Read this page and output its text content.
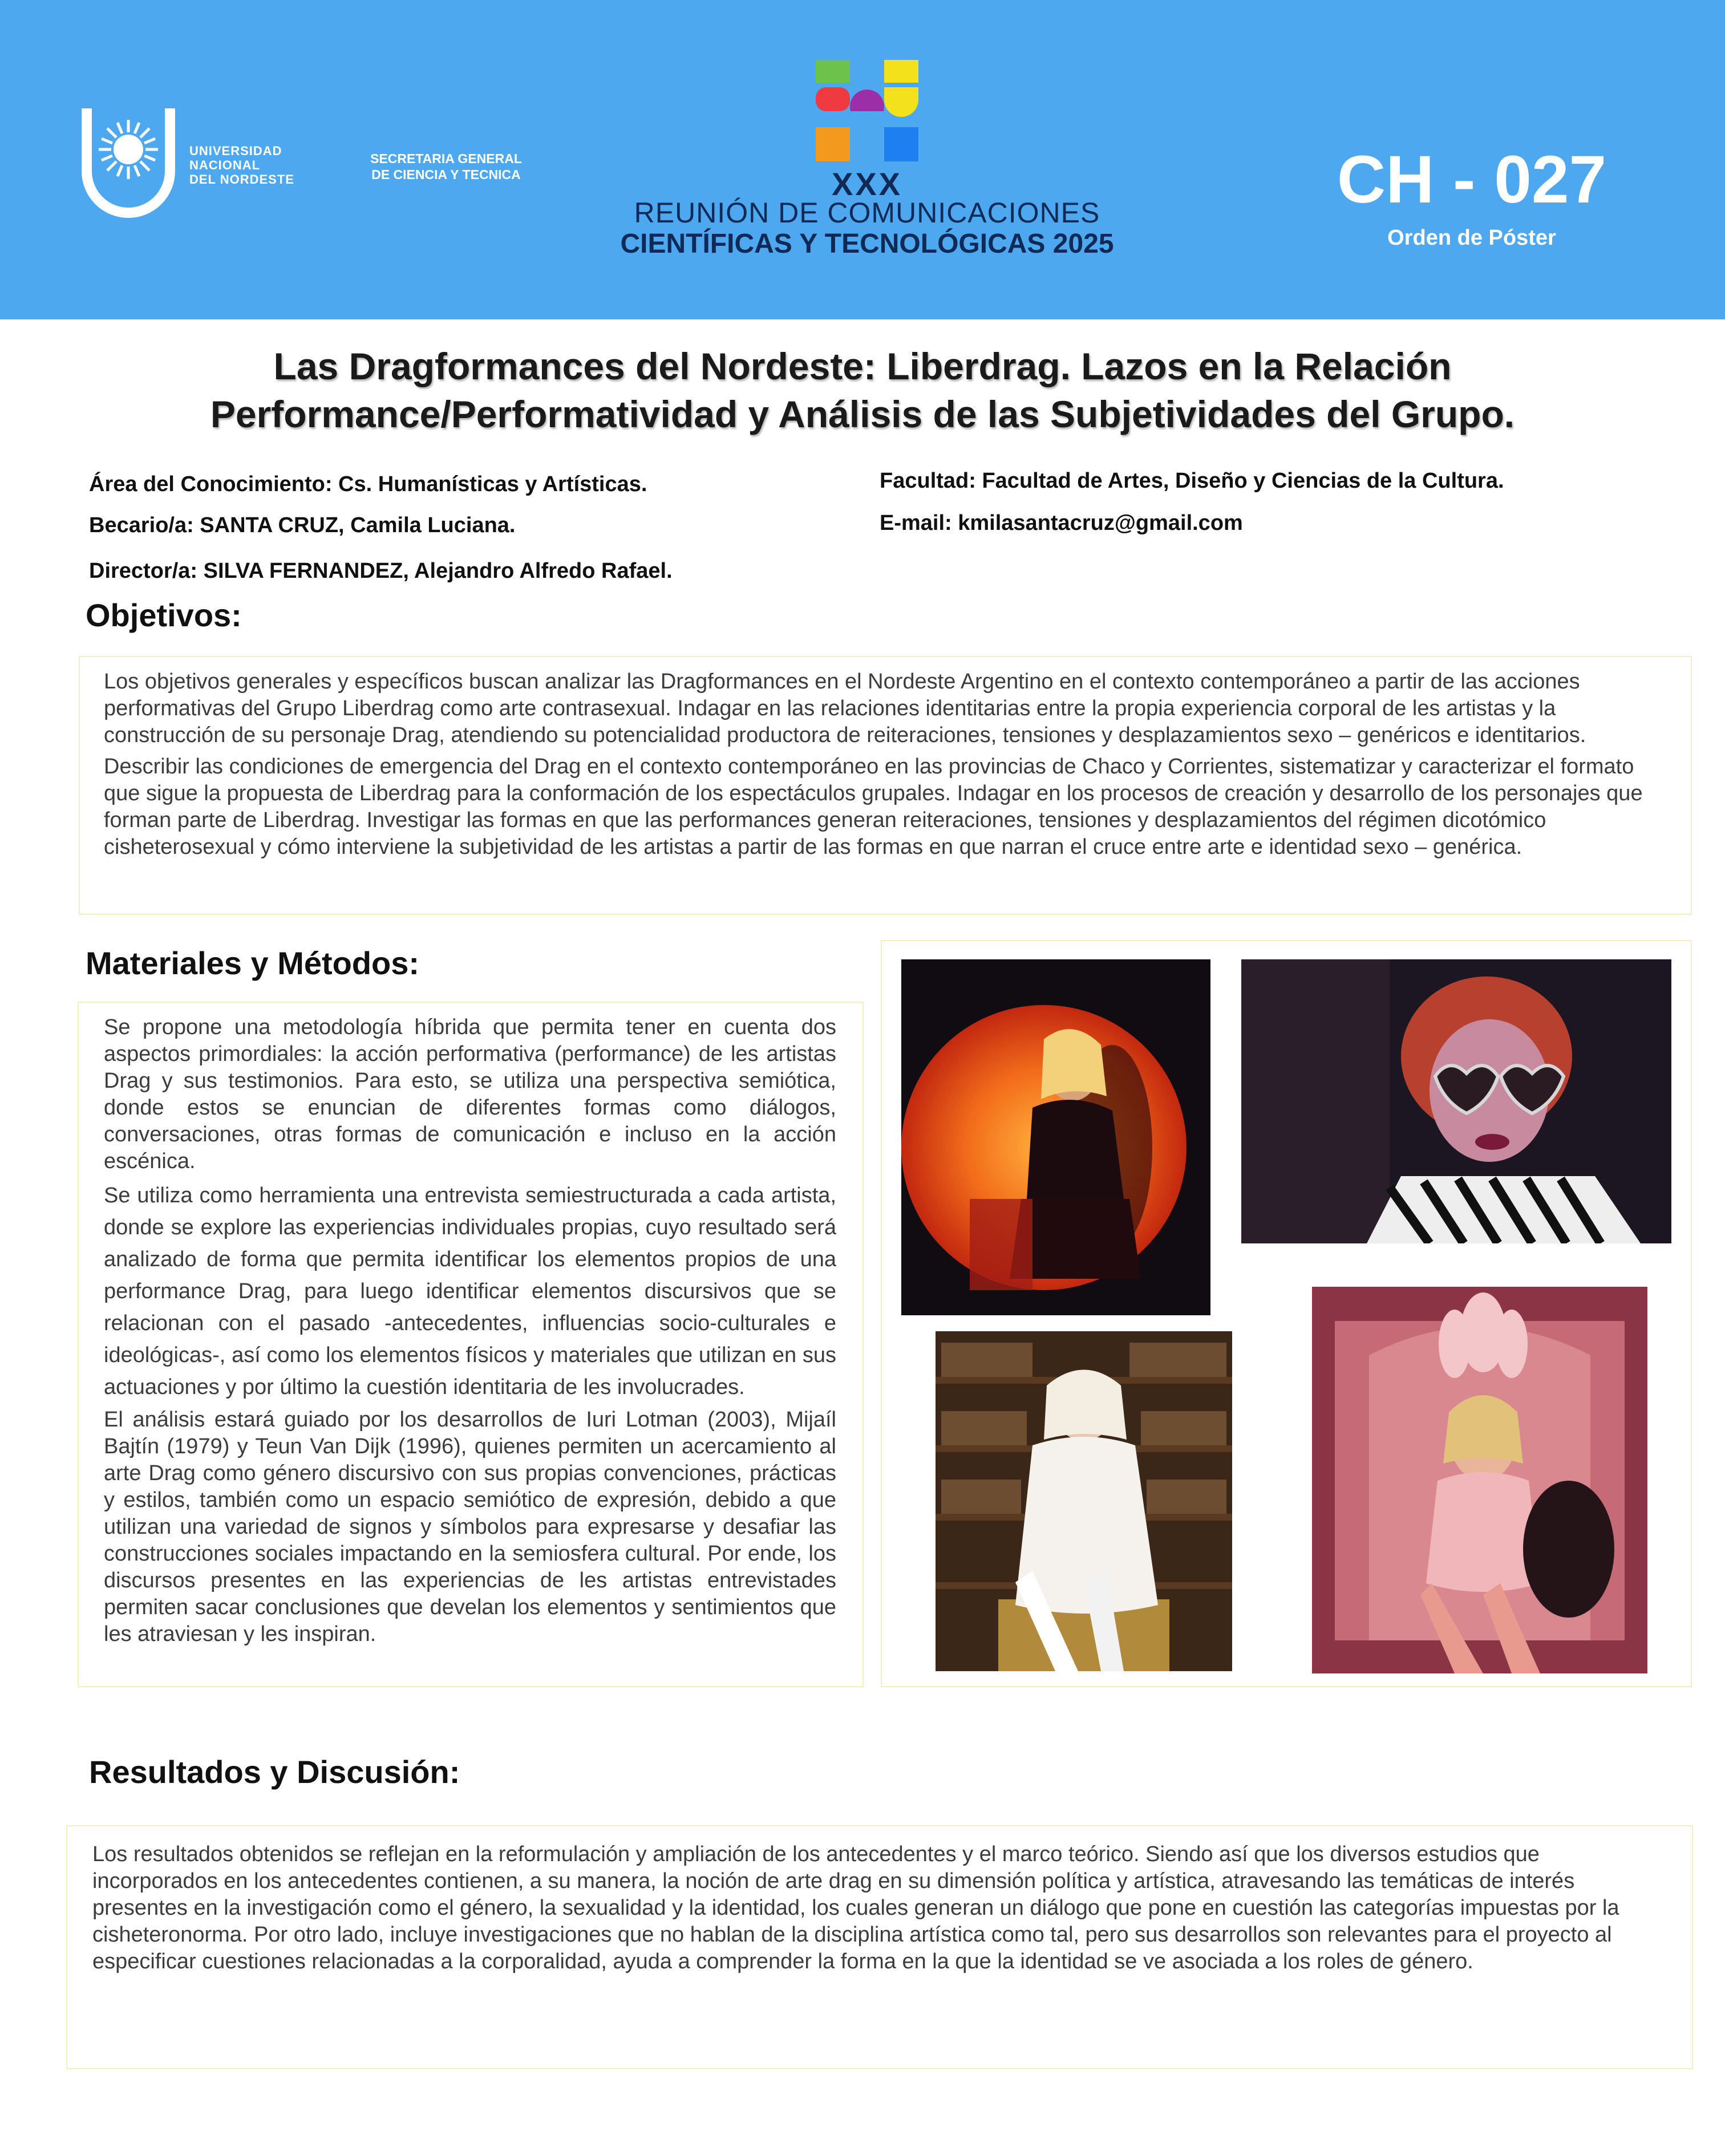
UNIVERSIDAD
NACIONAL
DEL NORDESTE
SECRETARIA GENERAL
DE CIENCIA Y TECNICA	XXX
REUNIÓN DE COMUNICACIONES
CIENTÍFICAS Y TECNOLÓGICAS 2025
CH - 027
Orden de Póster
Las Dragformances del Nordeste: Liberdrag. Lazos en la Relación
Performance/Performatividad y Análisis de las Subjetividades del Grupo.
Área del Conocimiento: Cs. Humanísticas y Artísticas.
Becario/a: SANTA CRUZ, Camila Luciana.
Director/a: SILVA FERNANDEZ, Alejandro Alfredo Rafael.
Facultad: Facultad de Artes, Diseño y Ciencias de la Cultura.
E-mail: kmilasantacruz@gmail.com
Objetivos:

Los objetivos generales y específicos buscan analizar las Dragformances en el Nordeste Argentino en el contexto contemporáneo a partir de las acciones performativas del Grupo Liberdrag como arte contrasexual. Indagar en las relaciones identitarias entre la propia experiencia corporal de les artistas y la construcción de su personaje Drag, atendiendo su potencialidad productora de reiteraciones, tensiones y desplazamientos sexo – genéricos e identitarios.

Describir las condiciones de emergencia del Drag en el contexto contemporáneo en las provincias de Chaco y Corrientes, sistematizar y caracterizar el formato que sigue la propuesta de Liberdrag para la conformación de los espectáculos grupales. Indagar en los procesos de creación y desarrollo de los personajes que forman parte de Liberdrag. Investigar las formas en que las performances generan reiteraciones, tensiones y desplazamientos del régimen dicotómico cisheterosexual y cómo interviene la subjetividad de les artistas a partir de las formas en que narran el cruce entre arte e identidad sexo – genérica.

Materiales y Métodos:

Se propone una metodología híbrida que permita tener en cuenta dos aspectos primordiales: la acción performativa (performance) de les artistas Drag y sus testimonios. Para esto, se utiliza una perspectiva semiótica, donde estos se enuncian de diferentes formas como diálogos, conversaciones, otras formas de comunicación e incluso en la acción escénica.

Se utiliza como herramienta una entrevista semiestructurada a cada artista, donde se explore las experiencias individuales propias, cuyo resultado será analizado de forma que permita identificar los elementos propios de una performance Drag, para luego identificar elementos discursivos que se relacionan con el pasado -antecedentes, influencias socio-culturales e ideológicas-, así como los elementos físicos y materiales que utilizan en sus actuaciones y por último la cuestión identitaria de les involucrades.

El análisis estará guiado por los desarrollos de Iuri Lotman (2003), Mijaíl Bajtín (1979) y Teun Van Dijk (1996), quienes permiten un acercamiento al arte Drag como género discursivo con sus propias convenciones, prácticas y estilos, también como un espacio semiótico de expresión, debido a que utilizan una variedad de signos y símbolos para expresarse y desafiar las construcciones sociales impactando en la semiosfera cultural. Por ende, los discursos presentes en las experiencias de les artistas entrevistades permiten sacar conclusiones que develan los elementos y sentimientos que les atraviesan y les inspiran.

Resultados y Discusión:

Los resultados obtenidos se reflejan en la reformulación y ampliación de los antecedentes y el marco teórico. Siendo así que los diversos estudios que incorporados en los antecedentes contienen, a su manera, la noción de arte drag en su dimensión política y artística, atravesando las temáticas de interés presentes en la investigación como el género, la sexualidad y la identidad, los cuales generan un diálogo que pone en cuestión las categorías impuestas por la cisheteronorma. Por otro lado, incluye investigaciones que no hablan de la disciplina artística como tal, pero sus desarrollos son relevantes para el proyecto al especificar cuestiones relacionadas a la corporalidad, ayuda a comprender la forma en la que la identidad se ve asociada a los roles de género.
